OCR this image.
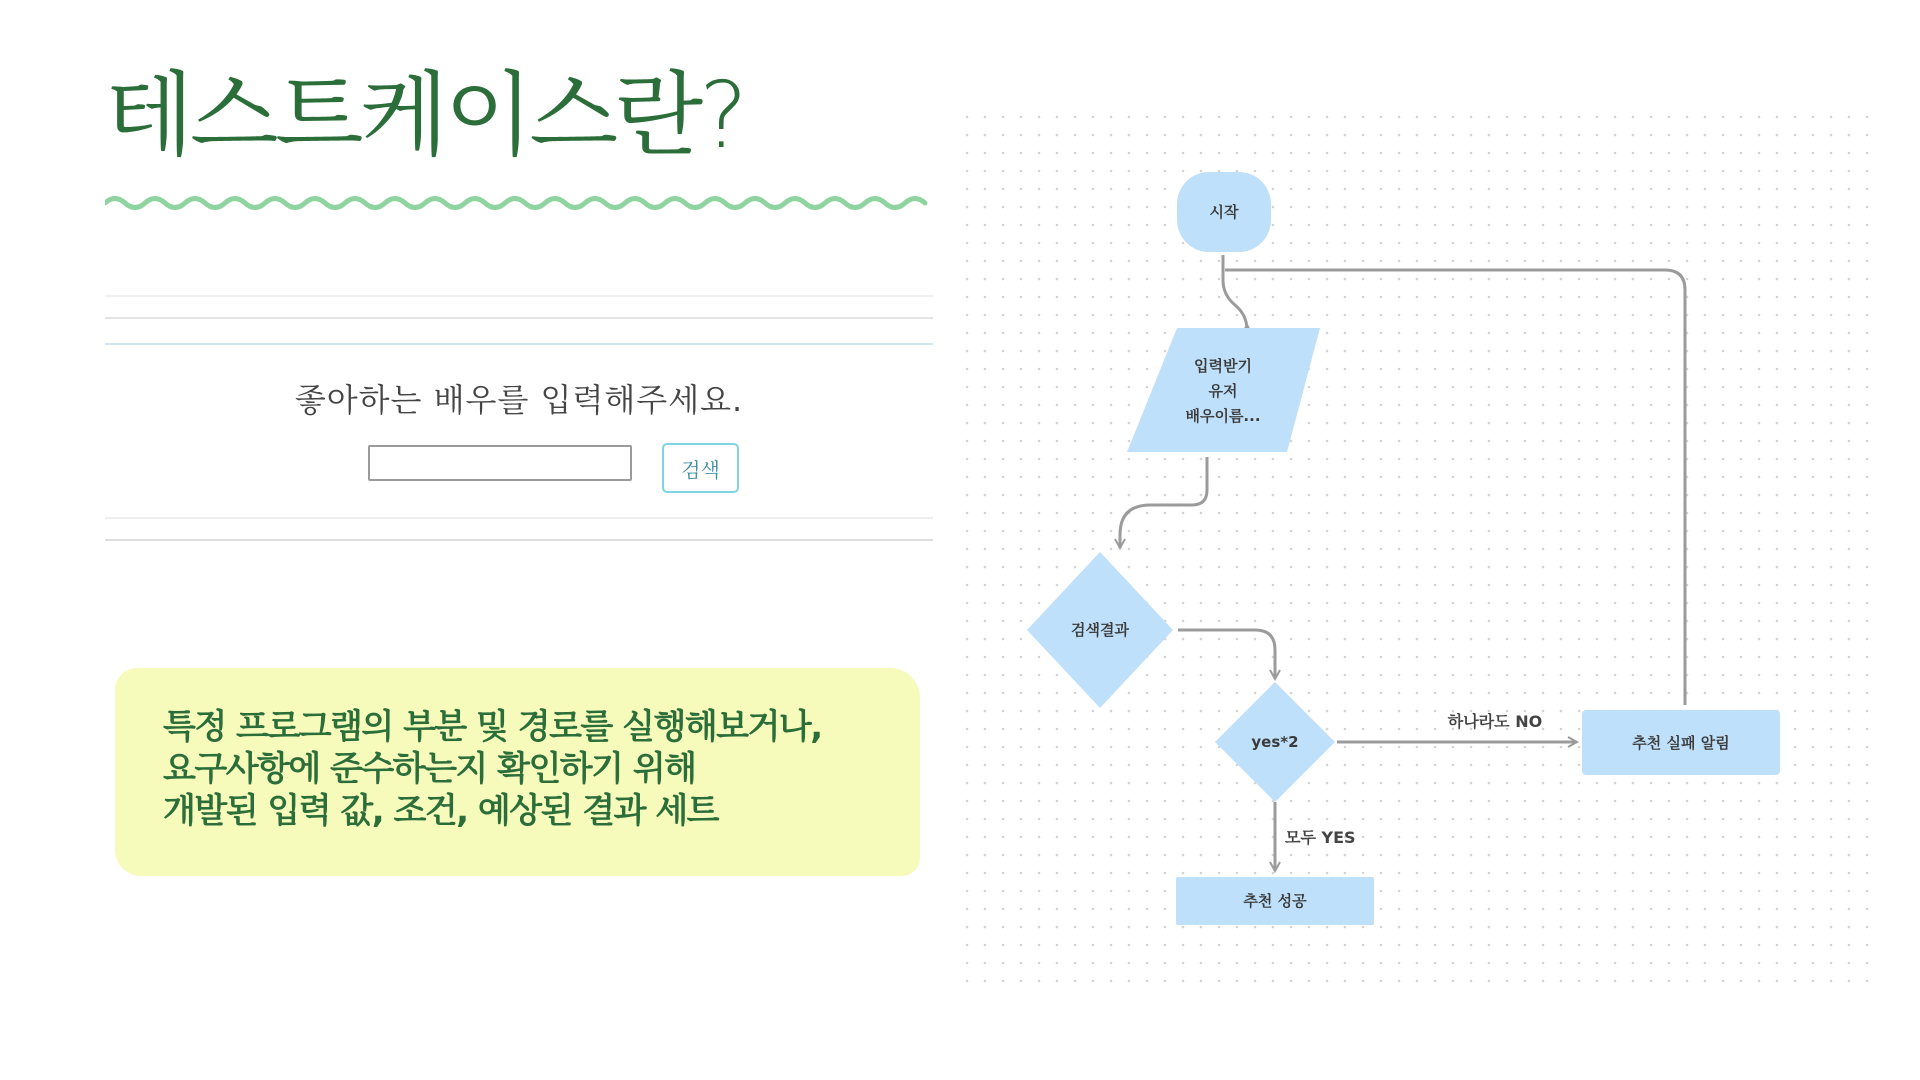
테스트케이스란?
좋아하는 배우를 입력해주세요.
검색
특정 프로그램의 부분 및 경로를 실행해보거나,
요구사항에 준수하는지 확인하기 위해
개발된 입력 값, 조건, 예상된 결과 세트
시작
입력받기
유저
배우이름...
검색결과
yes*2	추천 실패 알림
추천 성공
하나라도 NO
모두 YES
